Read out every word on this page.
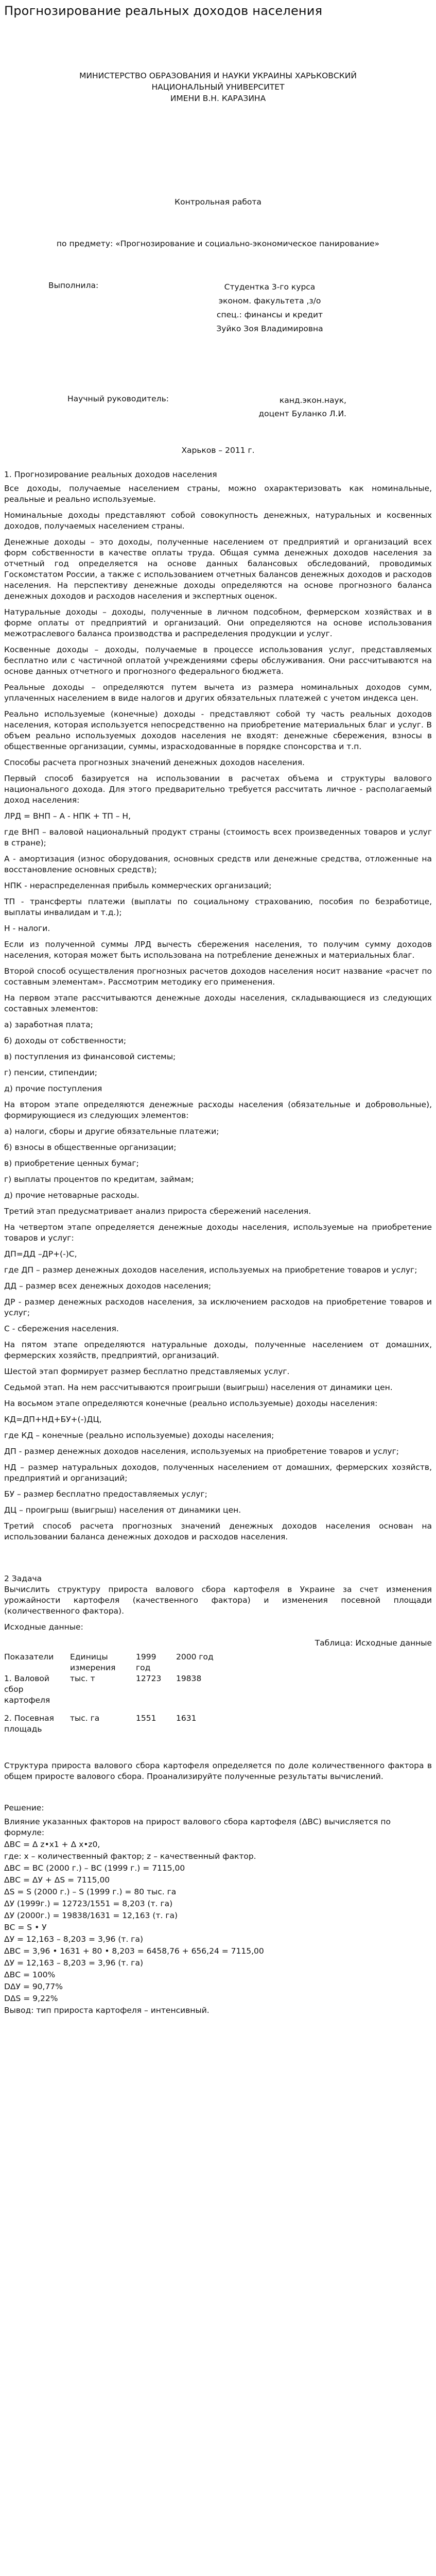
Прогнозирование реальных доходов населения
МИНИСТЕРСТВО ОБРАЗОВАНИЯ И НАУКИ УКРАИНЫ ХАРЬКОВСКИЙ
НАЦИОНАЛЬНЫЙ УНИВЕРСИТЕТ
ИМЕНИ В.Н. КАРАЗИНА
Контрольная работа
по предмету: «Прогнозирование и социально-экономическое панирование»
Выполнила:	Студентка 3-го курса
эконом. факультета ,з/о
спец.: финансы и кредит
Зуйко Зоя Владимировна
Научный руководитель:	канд.экон.наук,
доцент Буланко Л.И.
Харьков – 2011 г.
1. Прогнозирование реальных доходов населения

Все доходы, получаемые населением страны, можно охарактеризовать как номинальные, реальные и реально используемые.

Номинальные доходы представляют собой совокупность денежных, натуральных и косвенных доходов, получаемых населением страны.

Денежные доходы – это доходы, полученные населением от предприятий и организаций всех форм собственности в качестве оплаты труда. Общая сумма денежных доходов населения за отчетный год определяется на основе данных балансовых обследований, проводимых Госкомстатом России, а также с использованием отчетных балансов денежных доходов и расходов населения. На перспективу денежные доходы определяются на основе прогнозного баланса денежных доходов и расходов населения и экспертных оценок.

Натуральные доходы – доходы, полученные в личном подсобном, фермерском хозяйствах и в форме оплаты от предприятий и организаций. Они определяются на основе использования межотраслевого баланса производства и распределения продукции и услуг.

Косвенные доходы – доходы, получаемые в процессе использования услуг, представляемых бесплатно или с частичной оплатой учреждениями сферы обслуживания. Они рассчитываются на основе данных отчетного и прогнозного федерального бюджета.

Реальные доходы – определяются путем вычета из размера номинальных доходов сумм, уплаченных населением в виде налогов и других обязательных платежей с учетом индекса цен.

Реально используемые (конечные) доходы - представляют собой ту часть реальных доходов населения, которая используется непосредственно на приобретение материальных благ и услуг. В объем реально используемых доходов населения не входят: денежные сбережения, взносы в общественные организации, суммы, израсходованные в порядке спонсорства и т.п.

Способы расчета прогнозных значений денежных доходов населения.

Первый способ базируется на использовании в расчетах объема и структуры валового национального дохода. Для этого предварительно требуется рассчитать личное - располагаемый доход населения:

ЛРД = ВНП – А - НПК + ТП – Н,

где ВНП – валовой национальный продукт страны (стоимость всех произведенных товаров и услуг в стране);

А - амортизация (износ оборудования, основных средств или денежные средства, отложенные на восстановление основных средств);

НПК - нераспределенная прибыль коммерческих организаций;

ТП - трансферты платежи (выплаты по социальному страхованию, пособия по безработице, выплаты инвалидам и т.д.);

Н - налоги.

Если из полученной суммы ЛРД вычесть сбережения населения, то получим сумму доходов населения, которая может быть использована на потребление денежных и материальных благ.

Второй способ осуществления прогнозных расчетов доходов населения носит название «расчет по составным элементам». Рассмотрим методику его применения.

На первом этапе рассчитываются денежные доходы населения, складывающиеся из следующих составных элементов:

а) заработная плата;

б) доходы от собственности;

в) поступления из финансовой системы;

г) пенсии, стипендии;

д) прочие поступления

На втором этапе определяются денежные расходы населения (обязательные и добровольные), формирующиеся из следующих элементов:

а) налоги, сборы и другие обязательные платежи;

б) взносы в общественные организации;

в) приобретение ценных бумаг;

г) выплаты процентов по кредитам, займам;

д) прочие нетоварные расходы.

Третий этап предусматривает анализ прироста сбережений населения.

На четвертом этапе определяется денежные доходы населения, используемые на приобретение товаров и услуг:

ДП=ДД –ДР+(-)С,

где ДП – размер денежных доходов населения, используемых на приобретение товаров и услуг;

ДД – размер всех денежных доходов населения;

ДР - размер денежных расходов населения, за исключением расходов на приобретение товаров и услуг;

С - сбережения населения.

На пятом этапе определяются натуральные доходы, полученные населением от домашних, фермерских хозяйств, предприятий, организаций.

Шестой этап формирует размер бесплатно представляемых услуг.

Седьмой этап. На нем рассчитываются проигрыши (выигрыш) населения от динамики цен.

На восьмом этапе определяются конечные (реально используемые) доходы населения:

КД=ДП+НД+БУ+(-)ДЦ,

где КД – конечные (реально используемые) доходы населения;

ДП - размер денежных доходов населения, используемых на приобретение товаров и услуг;

НД – размер натуральных доходов, полученных населением от домашних, фермерских хозяйств, предприятий и организаций;

БУ – размер бесплатно предоставляемых услуг;

ДЦ – проигрыш (выигрыш) населения от динамики цен.

Третий способ расчета прогнозных значений денежных доходов населения основан на использовании баланса денежных доходов и расходов населения.

2 Задача

Вычислить структуру прироста валового сбора картофеля в Украине за счет изменения урожайности картофеля (качественного фактора) и изменения посевной площади (количественного фактора).

Исходные данные:

Таблица: Исходные данные
Показатели	Единицы измерения	1999 год	2000 год
1. Валовой сбор картофеля	тыс. т	12723	19838
2. Посевная площадь	тыс. га	1551	1631

Структура прироста валового сбора картофеля определяется по доле количественного фактора в общем приросте валового сбора. Проанализируйте полученные результаты вычислений.

Решение:

Влияние указанных факторов на прирост валового сбора картофеля (ΔВС) вычисляется по формуле:

ΔВС = Δ z•x1 + Δ x•z0,

где: x – количественный фактор; z – качественный фактор.

ΔВС = ВС (2000 г.) – ВС (1999 г.) = 7115,00

ΔВС = ΔУ + ΔS = 7115,00

ΔS = S (2000 г.) – S (1999 г.) = 80 тыс. га

ΔУ (1999г.) = 12723/1551 = 8,203 (т. га)

ΔУ (2000г.) = 19838/1631 = 12,163 (т. га)

ВС = S • У

ΔУ = 12,163 – 8,203 = 3,96 (т. га)

ΔВС = 3,96 • 1631 + 80 • 8,203 = 6458,76 + 656,24 = 7115,00

ΔУ = 12,163 – 8,203 = 3,96 (т. га)

ΔВС = 100%

DΔУ = 90,77%

DΔS = 9,22%

Вывод: тип прироста картофеля – интенсивный.
